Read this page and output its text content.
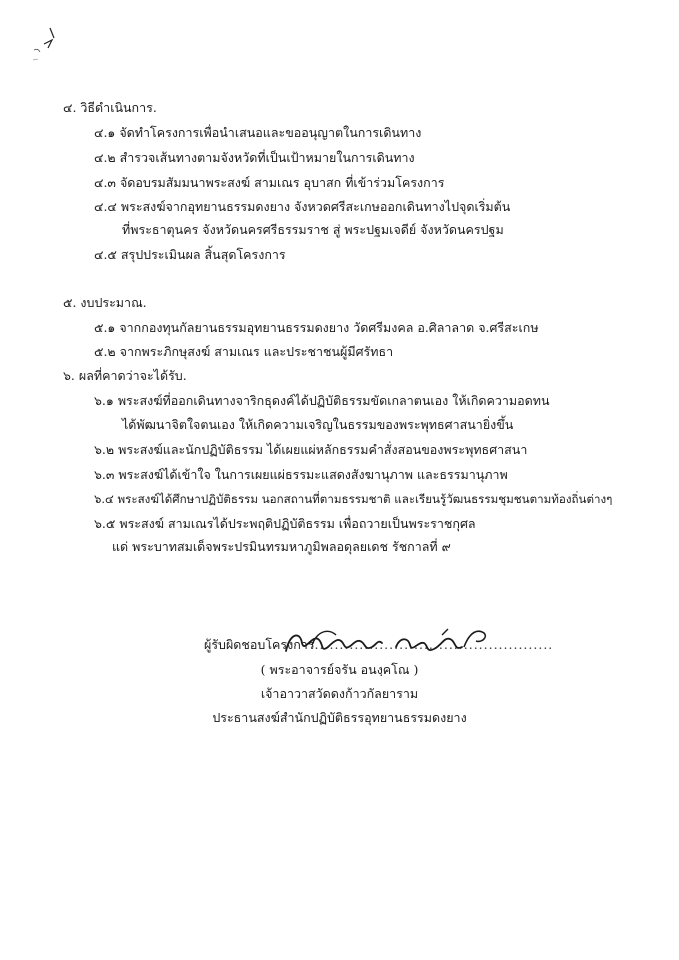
๔. วิธีดำเนินการ.
๔.๑ จัดทำโครงการเพื่อนำเสนอและขออนุญาตในการเดินทาง
๔.๒ สำรวจเส้นทางตามจังหวัดที่เป็นเป้าหมายในการเดินทาง
๔.๓ จัดอบรมสัมมนาพระสงฆ์ สามเณร อุบาสก ที่เข้าร่วมโครงการ
๔.๔ พระสงฆ์จากอุทยานธรรมดงยาง จังหวดศรีสะเกษออกเดินทางไปจุดเริ่มต้น
ที่พระธาตุนคร จังหวัดนครศรีธรรมราช สู่ พระปฐมเจดีย์ จังหวัดนครปฐม
๔.๕ สรุปประเมินผล สิ้นสุดโครงการ
๕. งบประมาณ.
๕.๑ จากกองทุนกัลยานธรรมอุทยานธรรมดงยาง วัดศรีมงคล อ.ศิลาลาด จ.ศรีสะเกษ
๕.๒ จากพระภิกษุสงฆ์ สามเณร และประชาชนผู้มีศรัทธา
๖. ผลที่คาดว่าจะได้รับ.
๖.๑ พระสงฆ์ที่ออกเดินทางจาริกธุดงค์ได้ปฏิบัติธรรมขัดเกลาตนเอง ให้เกิดความอดทน
ได้พัฒนาจิตใจตนเอง ให้เกิดความเจริญในธรรมของพระพุทธศาสนายิ่งขึ้น
๖.๒ พระสงฆ์และนักปฏิบัติธรรม ได้เผยแผ่หลักธรรมคำสั่งสอนของพระพุทธศาสนา
๖.๓ พระสงฆ์ได้เข้าใจ ในการเผยแผ่ธรรมะแสดงสังฆานุภาพ และธรรมานุภาพ
๖.๔ พระสงฆ์ได้ศึกษาปฏิบัติธรรม นอกสถานที่ตามธรรมชาติ และเรียนรู้วัฒนธรรมชุมชนตามท้องถิ่นต่างๆ
๖.๕ พระสงฆ์ สามเณรได้ประพฤติปฏิบัติธรรม เพื่อถวายเป็นพระราชกุศล
แด่ พระบาทสมเด็จพระปรมินทรมหาภูมิพลอดุลยเดช รัชกาลที่ ๙
ผู้รับผิดชอบโครงการ................................................
( พระอาจารย์จรัน อนงฺคโณ )
เจ้าอาวาสวัดดงก้าวกัลยาราม
ประธานสงฆ์สำนักปฏิบัติธรรอุทยานธรรมดงยาง
